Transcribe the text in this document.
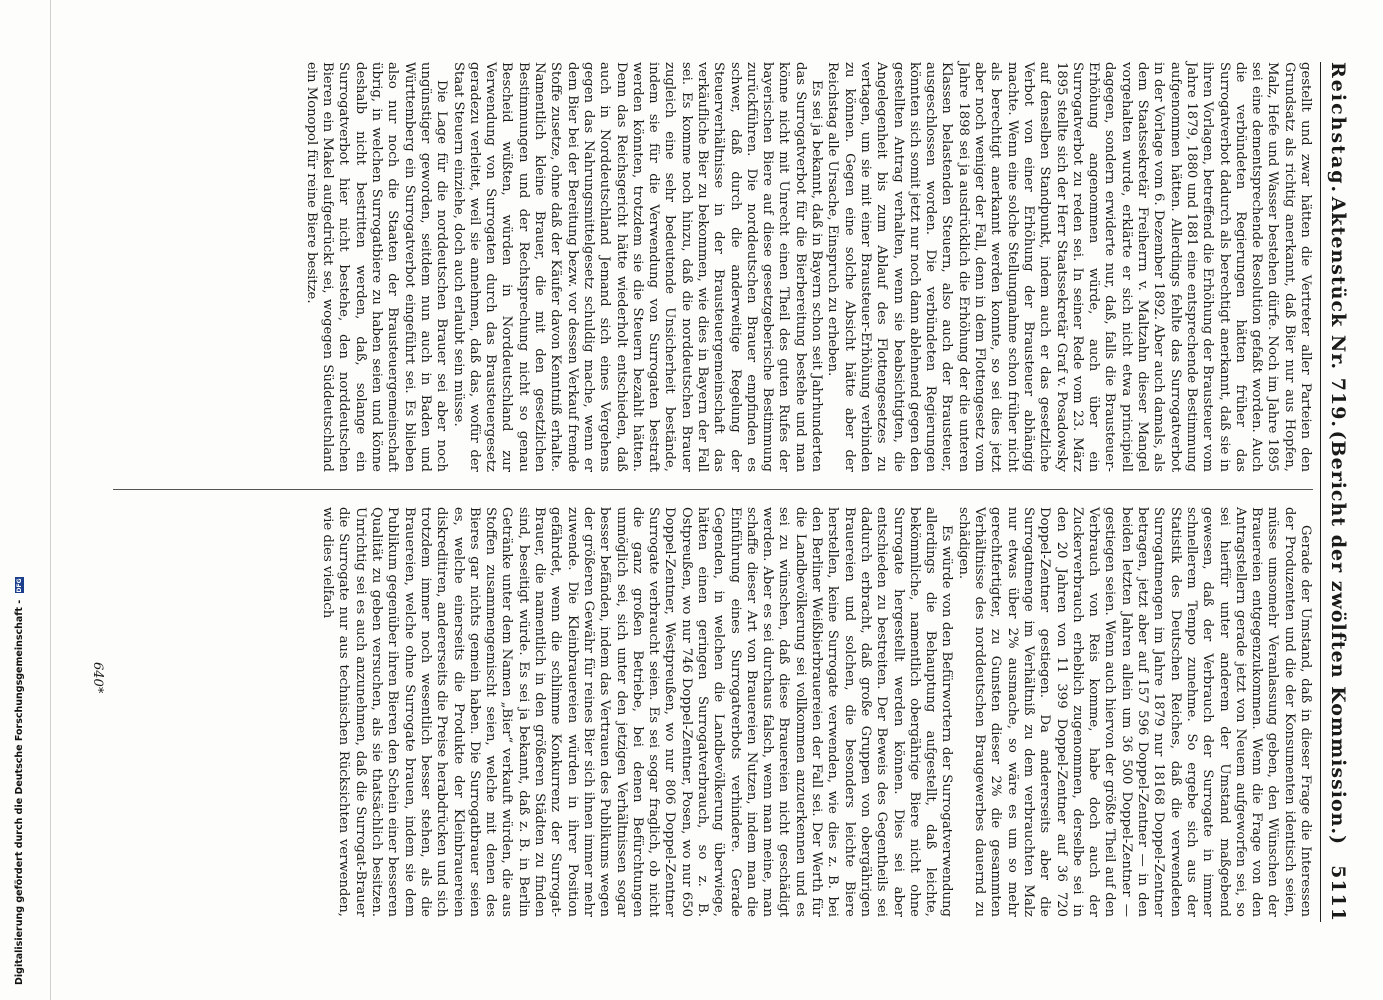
Digitalisierung gefördert durch die Deutsche Forschungsgemeinschaft - DFG
Reichstag.
Aktenstück Nr. 719.
(Bericht der zwölften Kommission.)
5111

gestellt und zwar hätten die Vertreter aller Parteien den Grundsatz als richtig anerkannt, daß Bier nur aus Hopfen, Malz, Hefe und Wasser bestehen dürfe. Noch im Jahre 1895 sei eine dementsprechende Resolution gefaßt worden. Auch die verbündeten Regierungen hätten früher das Surrogatverbot dadurch als berechtigt anerkannt, daß sie in ihren Vorlagen, betreffend die Erhöhung der Brausteuer vom Jahre 1879, 1880 und 1881 eine entsprechende Bestimmung aufgenommen hätten. Allerdings fehlte das Surrogatverbot in der Vorlage vom 6. Dezember 1892. Aber auch damals, als dem Staatssekretär Freiherrn v. Maltzahn dieser Mangel vorgehalten wurde, erklärte er sich nicht etwa principiell dagegen, sondern erwiderte nur, daß, falls die Brausteuer-Erhöhung angenommen würde, auch über ein Surrogatverbot zu reden sei. In seiner Rede vom 23. März 1895 stellte sich der Herr Staatssekretär Graf v. Posadowsky auf denselben Standpunkt, indem auch er das gesetzliche Verbot von einer Erhöhung der Brausteuer abhängig machte. Wenn eine solche Stellungnahme schon früher nicht als berechtigt anerkannt werden konnte, so sei dies jetzt aber noch weniger der Fall, denn in dem Flottengesetz vom Jahre 1898 sei ja ausdrücklich die Erhöhung der die unteren Klassen belastenden Steuern, also auch der Brausteuer, ausgeschlossen worden. Die verbündeten Regierungen könnten sich somit jetzt nur noch dann ablehnend gegen den gestellten Antrag verhalten, wenn sie beabsichtigten, die Angelegenheit bis zum Ablauf des Flottengesetzes zu vertagen, um sie mit einer Brausteuer-Erhöhung verbinden zu können. Gegen eine solche Absicht hätte aber der Reichstag alle Ursache, Einspruch zu erheben.

Es sei ja bekannt, daß in Bayern schon seit Jahrhunderten das Surrogatverbot für die Bierbereitung bestehe und man könne nicht mit Unrecht einen Theil des guten Rufes der bayerischen Biere auf diese gesetzgeberische Bestimmung zurückführen. Die norddeutschen Brauer empfinden es schwer, daß durch die anderweitige Regelung der Steuerverhältnisse in der Brausteuergemeinschaft das verkäufliche Bier zu bekommen, wie dies in Bayern der Fall sei. Es komme noch hinzu, daß die norddeutschen Brauer zugleich eine sehr bedeutende Unsicherheit bestände, indem sie für die Verwendung von Surrogaten bestraft werden könnten, trotzdem sie die Steuern bezahlt hätten. Denn das Reichsgericht hätte wiederholt entschieden, daß auch in Norddeutschland Jemand sich eines Vergehens gegen das Nahrungsmittelgesetz schuldig mache, wenn er dem Bier bei der Bereitung bezw. vor dessen Verkauf fremde Stoffe zusetze, ohne daß der Käufer davon Kenntniß erhalte. Namentlich kleine Brauer, die mit den gesetzlichen Bestimmungen und der Rechtsprechung nicht so genau Bescheid wüßten, würden in Norddeutschland zur Verwendung von Surrogaten durch das Brausteuergesetz geradezu verleitet, weil sie annehmen, daß das, wofür der Staat Steuern einziehe, doch auch erlaubt sein müsse.

Die Lage für die norddeutschen Brauer sei aber noch ungünstiger geworden, seitdem nun auch in Baden und Württemberg ein Surrogatverbot eingeführt sei. Es blieben also nur noch die Staaten der Brausteuergemeinschaft übrig, in welchen Surrogatbiere zu haben seien und könne deshalb nicht bestritten werden, daß, solange ein Surrogatverbot hier nicht bestehe, den norddeutschen Bieren ein Makel aufgedrückt sei, wogegen Süddeutschland ein Monopol für reine Biere besitze.

Gerade der Umstand, daß in dieser Frage die Interessen der Produzenten und die der Konsumenten identisch seien, müsse umsomehr Veranlassung geben, den Wünschen der Brauereien entgegenzukommen. Wenn die Frage von den Antragstellern gerade jetzt von Neuem aufgeworfen sei, so sei hierfür unter anderem der Umstand maßgebend gewesen, daß der Verbrauch der Surrogate in immer schnellerem Tempo zunehme. So ergebe sich aus der Statistik des Deutschen Reiches, daß die verwendeten Surrogatmengen im Jahre 1879 nur 18168 Doppel-Zentner betragen, jetzt aber auf 157 596 Doppel-Zentner — in den beiden letzten Jahren allein um 36 500 Doppel-Zentner — gestiegen seien. Wenn auch hiervon der größte Theil auf den Verbrauch von Reis komme, habe doch auch der Zuckerverbrauch erheblich zugenommen, derselbe sei in den 20 Jahren von 11 399 Doppel-Zentner auf 36 720 Doppel-Zentner gestiegen. Da andererseits aber die Surrogatmenge im Verhältniß zu dem verbrauchten Malz nur etwas über 2% ausmache, so wäre es um so mehr gerechtfertigter, zu Gunsten dieser 2% die gesammten Verhältnisse des norddeutschen Braugewerbes dauernd zu schädigen.

Es würde von den Befürwortern der Surrogatverwendung allerdings die Behauptung aufgestellt, daß leichte, bekömmliche, namentlich obergährige Biere nicht ohne Surrogate hergestellt werden können. Dies sei aber entschieden zu bestreiten. Der Beweis des Gegentheils sei dadurch erbracht, daß große Gruppen von obergährigen Brauereien und solchen, die besonders leichte Biere herstellen, keine Surrogate verwenden, wie dies z. B. bei den Berliner Weißbierbrauereien der Fall sei. Der Werth für die Landbevölkerung sei vollkommen anzuerkennen und es sei zu wünschen, daß diese Brauereien nicht geschädigt werden. Aber es sei durchaus falsch, wenn man meine, man schaffe dieser Art von Brauereien Nutzen, indem man die Einführung eines Surrogatverbots verhindere. Gerade Gegenden, in welchen die Landbevölkerung überwiege, hätten einen geringen Surrogatverbrauch, so z. B. Ostpreußen, wo nur 746 Doppel-Zentner, Posen, wo nur 650 Doppel-Zentner, Westpreußen, wo nur 806 Doppel-Zentner Surrogate verbraucht seien. Es sei sogar fraglich, ob nicht die ganz großen Betriebe, bei denen Befürchtungen unmöglich sei, sich unter den jetzigen Verhältnissen sogar besser befänden, indem das Vertrauen des Publikums wegen der größeren Gewähr für reines Bier sich ihnen immer mehr zuwende. Die Kleinbrauereien würden in ihrer Position gefährdet, wenn die schlimme Konkurrenz der Surrogat-Brauer, die namentlich in den größeren Städten zu finden sind, beseitigt würde. Es sei ja bekannt, daß z. B. in Berlin Getränke unter dem Namen „Bier“ verkauft würden, die aus Stoffen zusammengemischt seien, welche mit denen des Bieres gar nichts gemein haben. Die Surrogatbrauer seien es, welche einerseits die Produkte der Kleinbrauereien diskreditiren, andererseits die Preise herabdrücken und sich trotzdem immer noch wesentlich besser stehen, als die Brauereien, welche ohne Surrogate brauen, indem sie dem Publikum gegenüber ihren Bieren den Schein einer besseren Qualität zu geben versuchen, als sie thatsächlich besitzen. Unrichtig sei es auch anzunehmen, daß die Surrogat-Brauer die Surrogate nur aus technischen Rücksichten verwenden, wie dies vielfach

640*
